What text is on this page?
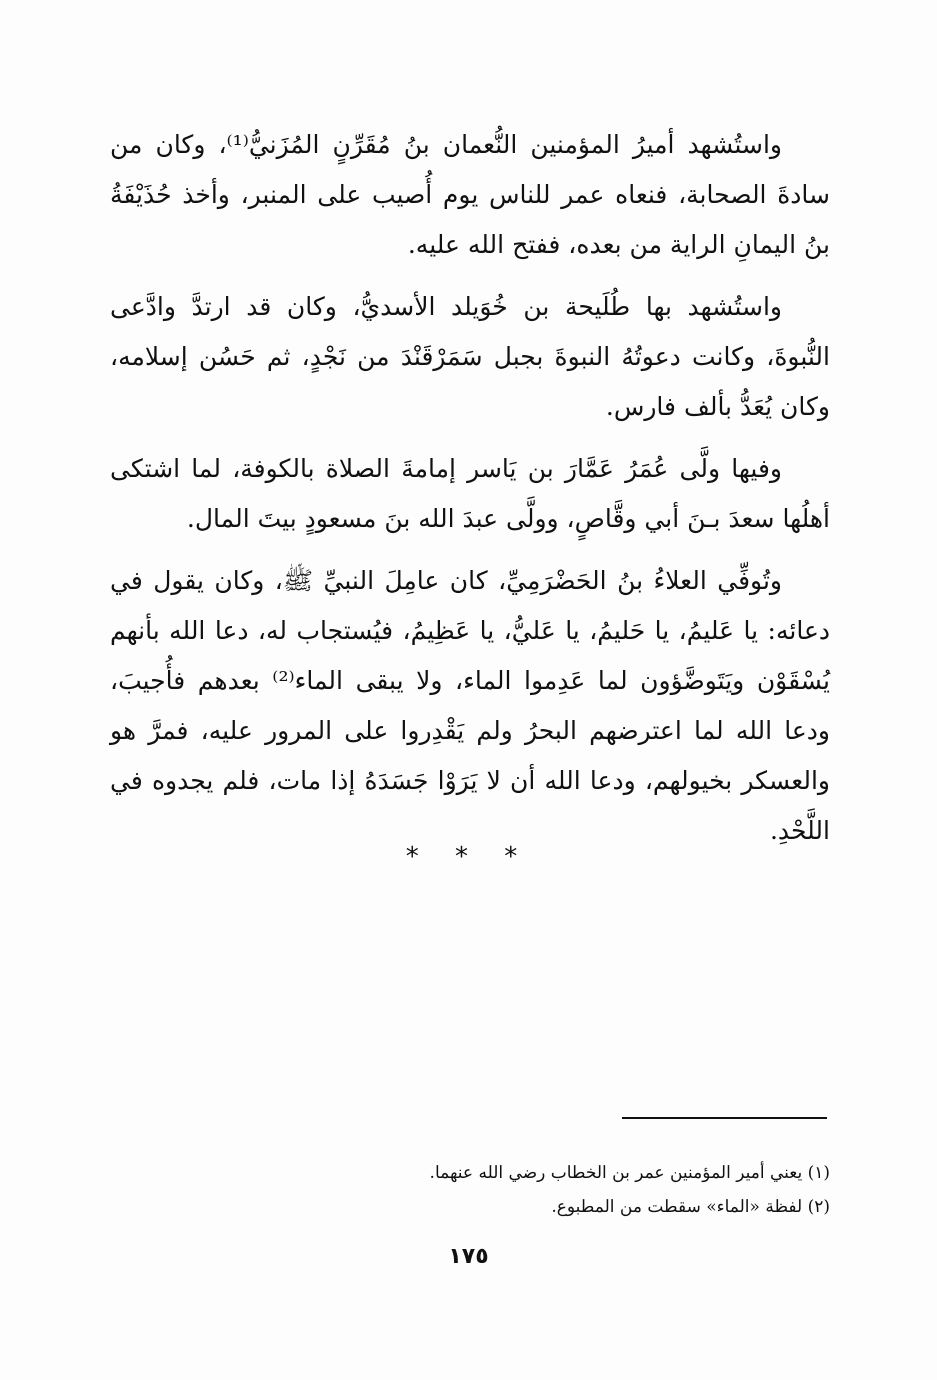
واستُشهد أميرُ المؤمنين النُّعمان بنُ مُقَرِّنٍ المُزَنيُّ⁽¹⁾، وكان من سادةَ الصحابة، فنعاه عمر للناس يوم أُصيب على المنبر، وأخذ حُذَيْفَةُ بنُ اليمانِ الراية من بعده، ففتح الله عليه.

واستُشهد بها طُلَيحة بن خُوَيلد الأسديُّ، وكان قد ارتدَّ وادَّعى النُّبوةَ، وكانت دعوتُهُ النبوةَ بجبل سَمَرْقَنْدَ من نَجْدٍ، ثم حَسُن إسلامه، وكان يُعَدُّ بألف فارس.

وفيها ولَّى عُمَرُ عَمَّارَ بن يَاسر إمامةَ الصلاة بالكوفة، لما اشتكى أهلُها سعدَ بـنَ أبي وقَّاصٍ، وولَّى عبدَ الله بنَ مسعودٍ بيتَ المال.

وتُوفِّي العلاءُ بنُ الحَضْرَمِيِّ، كان عامِلَ النبيِّ ﷺ، وكان يقول في دعائه: يا عَليمُ، يا حَليمُ، يا عَليُّ، يا عَظِيمُ، فيُستجاب له، دعا الله بأنهم يُسْقَوْن ويَتَوضَّؤون لما عَدِموا الماء، ولا يبقى الماء⁽²⁾ بعدهم فأُجيبَ، ودعا الله لما اعترضهم البحرُ ولم يَقْدِروا على المرور عليه، فمرَّ هو والعسكر بخيولهم، ودعا الله أن لا يَرَوْا جَسَدَهُ إذا مات، فلم يجدوه في اللَّحْدِ.

* * *
(١) يعني أمير المؤمنين عمر بن الخطاب رضي الله عنهما.
(٢) لفظة «الماء» سقطت من المطبوع.
١٧٥
